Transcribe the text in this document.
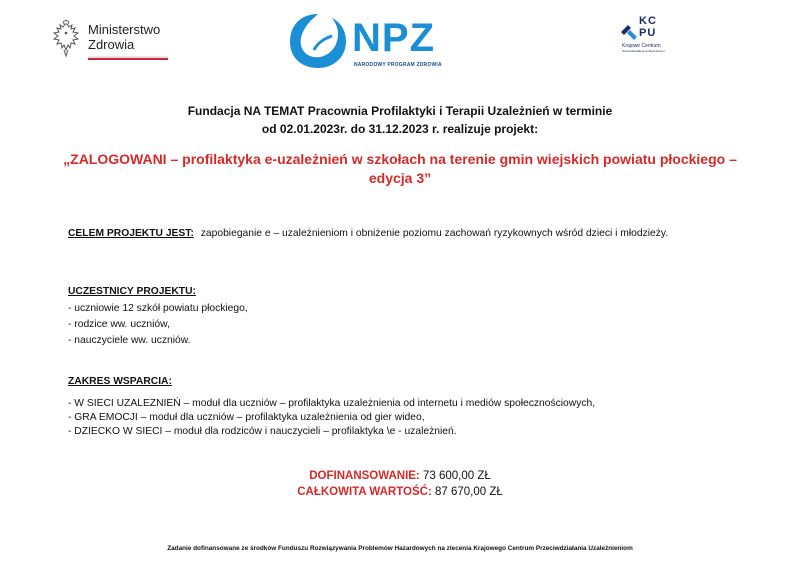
Ministerstwo
Zdrowia	NPZ
NARODOWY PROGRAM ZDROWIA
KC
PU
Krajowe Centrum
Przeciwdziałania Uzależnieniom
Fundacja NA TEMAT Pracownia Profilaktyki i Terapii Uzależnień w terminie
od 02.01.2023r. do 31.12.2023 r. realizuje projekt:
„ZALOGOWANI – profilaktyka e-uzależnień w szkołach na terenie gmin wiejskich powiatu płockiego –
edycja 3”
CELEM PROJEKTU JEST: zapobieganie e – uzależnieniom i obniżenie poziomu zachowań ryzykownych wśród dzieci i młodzieży.
UCZESTNICY PROJEKTU:
- uczniowie 12 szkół powiatu płockiego,
- rodzice ww. uczniów,
- nauczyciele ww. uczniów.
ZAKRES WSPARCIA:
- W SIECI UZALEZNIEŃ – moduł dla uczniów – profilaktyka uzależnienia od internetu i mediów społecznościowych,
- GRA EMOCJI – moduł dla uczniów – profilaktyka uzależnienia od gier wideo,
- DZIECKO W SIECI – moduł dla rodziców i nauczycieli – profilaktyka \e - uzależnień.
DOFINANSOWANIE: 73 600,00 ZŁ
CAŁKOWITA WARTOŚĆ: 87 670,00 ZŁ
Zadanie dofinansowane ze środków Funduszu Rozwiązywania Problemów Hazardowych na zlecenia Krajowego Centrum Przeciwdziałania Uzależnieniom
